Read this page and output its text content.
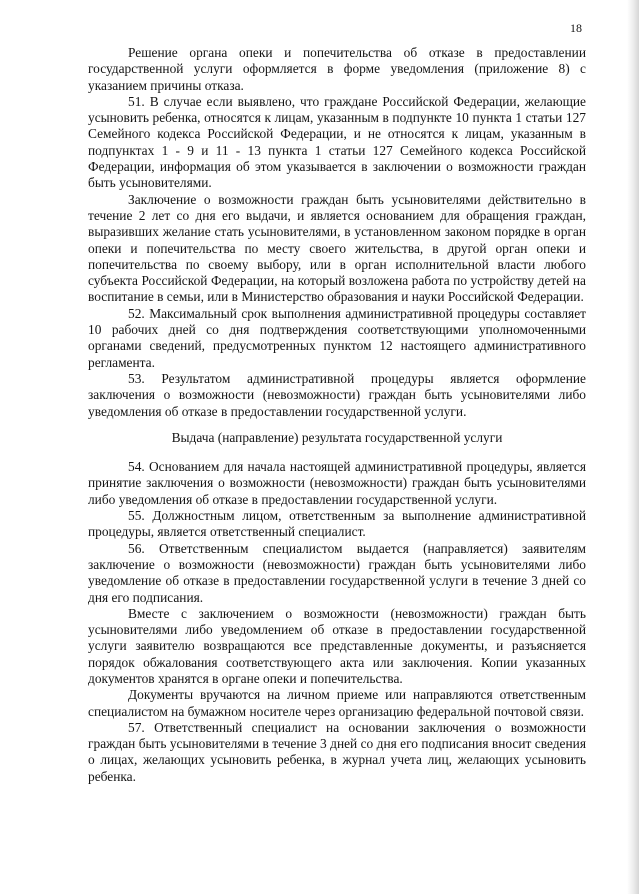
18

Решение органа опеки и попечительства об отказе в предоставлении государственной услуги оформляется в форме уведомления (приложение 8) с указанием причины отказа.

51. В случае если выявлено, что граждане Российской Федерации, желающие усыновить ребенка, относятся к лицам, указанным в подпункте 10 пункта 1 статьи 127 Семейного кодекса Российской Федерации, и не относятся к лицам, указанным в подпунктах 1 - 9 и 11 - 13 пункта 1 статьи 127 Семейного кодекса Российской Федерации, информация об этом указывается в заключении о возможности граждан быть усыновителями.

Заключение о возможности граждан быть усыновителями действительно в течение 2 лет со дня его выдачи, и является основанием для обращения граждан, выразивших желание стать усыновителями, в установленном законом порядке в орган опеки и попечительства по месту своего жительства, в другой орган опеки и попечительства по своему выбору, или в орган исполнительной власти любого субъекта Российской Федерации, на который возложена работа по устройству детей на воспитание в семьи, или в Министерство образования и науки Российской Федерации.

52. Максимальный срок выполнения административной процедуры составляет 10 рабочих дней со дня подтверждения соответствующими уполномоченными органами сведений, предусмотренных пунктом 12 настоящего административного регламента.

53. Результатом административной процедуры является оформление заключения о возможности (невозможности) граждан быть усыновителями либо уведомления об отказе в предоставлении государственной услуги.

Выдача (направление) результата государственной услуги

54. Основанием для начала настоящей административной процедуры, является принятие заключения о возможности (невозможности) граждан быть усыновителями либо уведомления об отказе в предоставлении государственной услуги.

55. Должностным лицом, ответственным за выполнение административной процедуры, является ответственный специалист.

56. Ответственным специалистом выдается (направляется) заявителям заключение о возможности (невозможности) граждан быть усыновителями либо уведомление об отказе в предоставлении государственной услуги в течение 3 дней со дня его подписания.

Вместе с заключением о возможности (невозможности) граждан быть усыновителями либо уведомлением об отказе в предоставлении государственной услуги заявителю возвращаются все представленные документы, и разъясняется порядок обжалования соответствующего акта или заключения. Копии указанных документов хранятся в органе опеки и попечительства.

Документы вручаются на личном приеме или направляются ответственным специалистом на бумажном носителе через организацию федеральной почтовой связи.

57. Ответственный специалист на основании заключения о возможности граждан быть усыновителями в течение 3 дней со дня его подписания вносит сведения о лицах, желающих усыновить ребенка, в журнал учета лиц, желающих усыновить ребенка.
